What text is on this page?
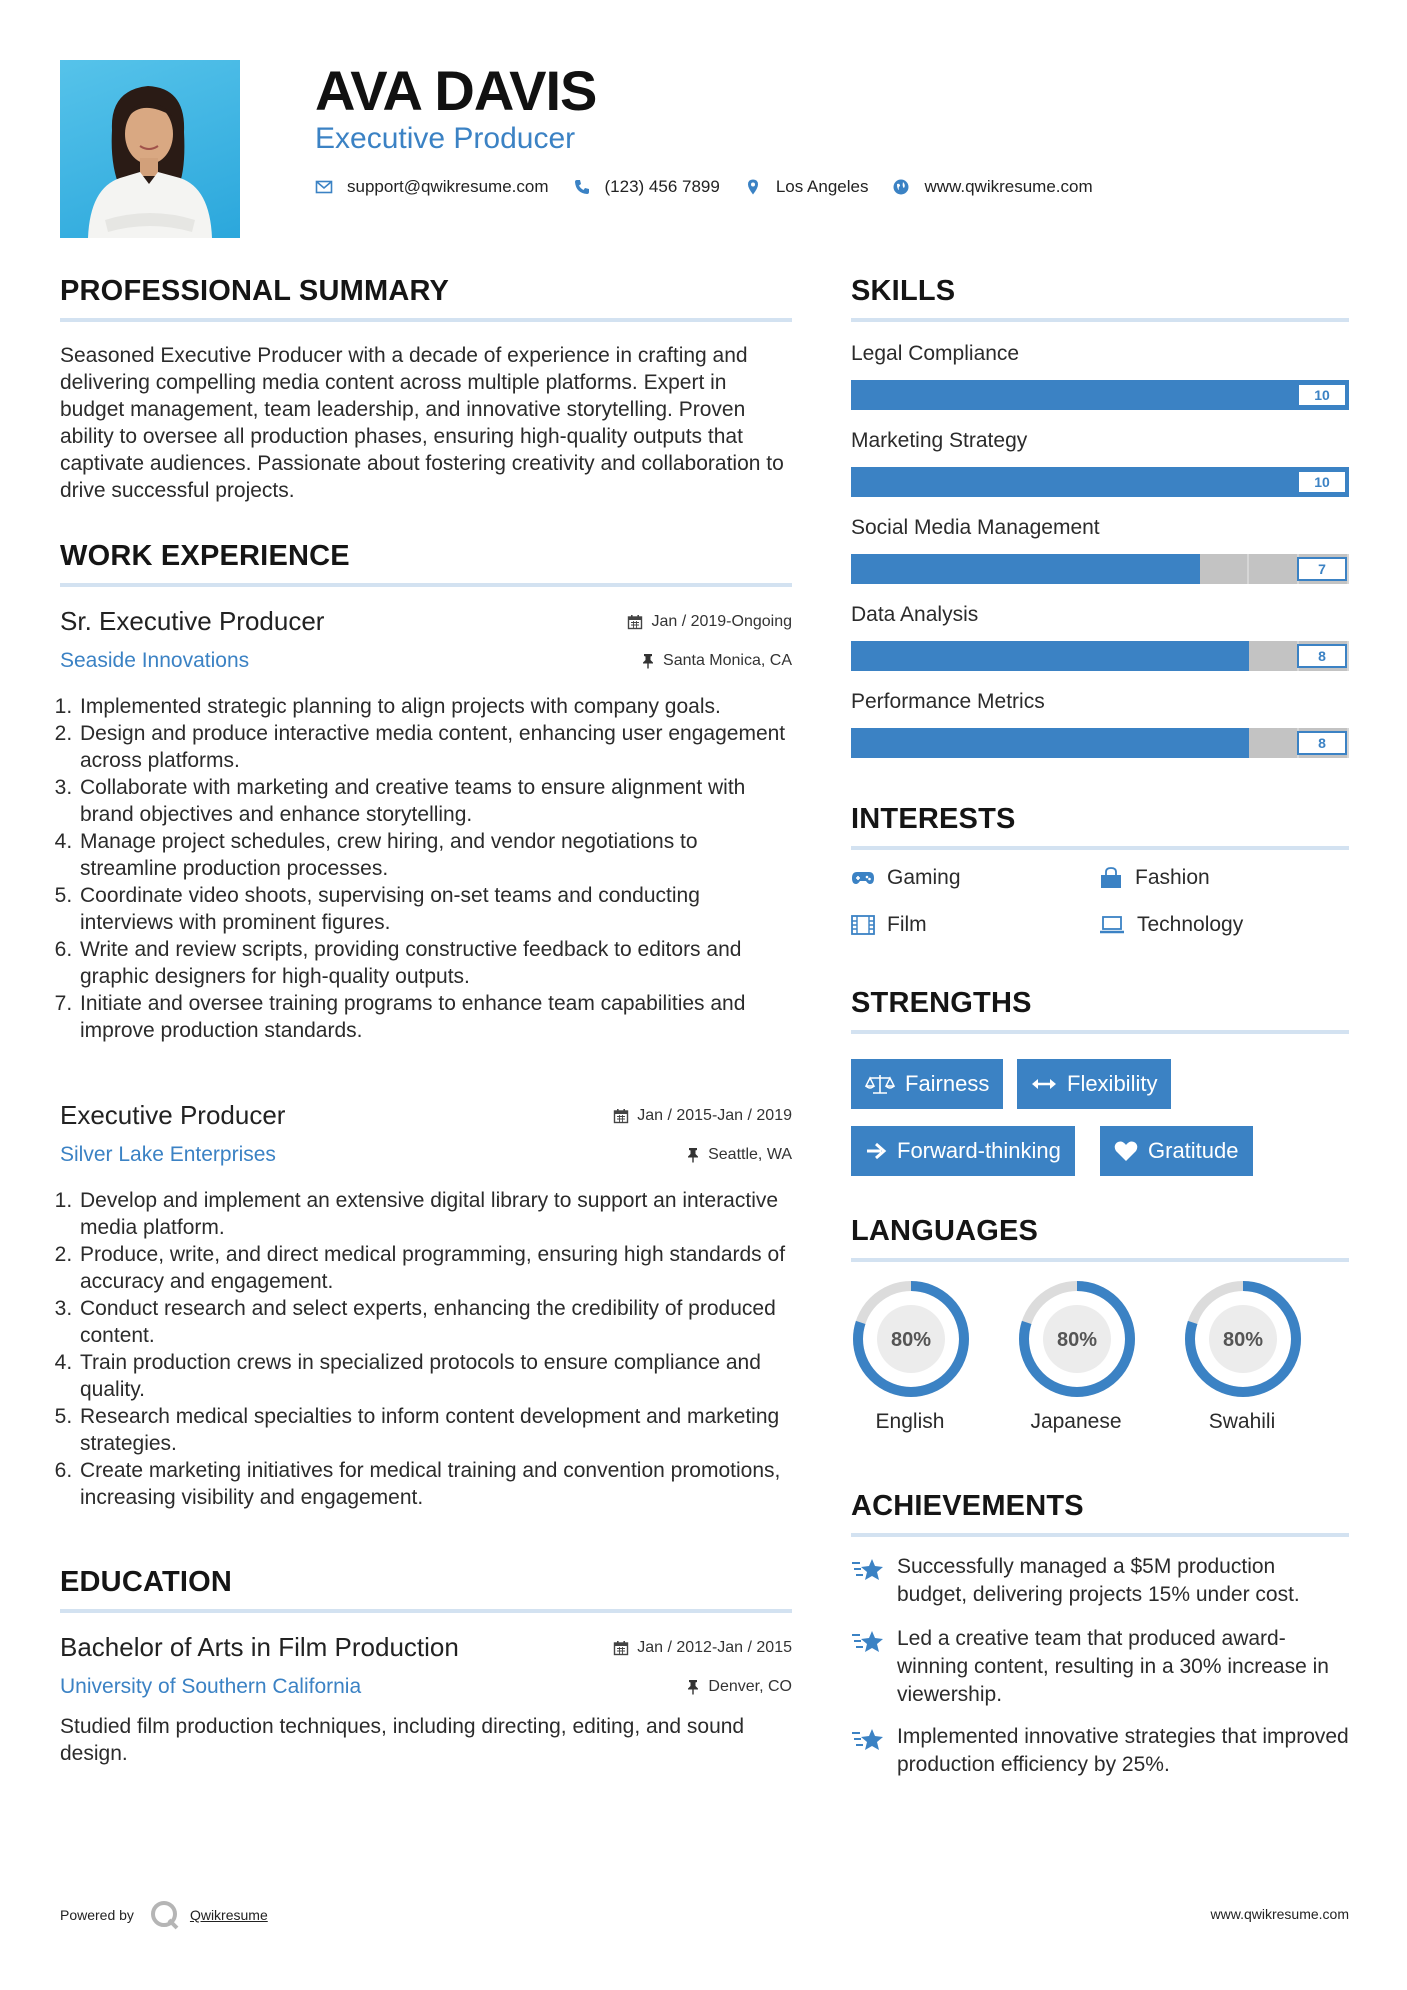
AVA DAVIS
Executive Producer
support@qwikresume.com	(123) 456 7899	Los Angeles	www.qwikresume.com
PROFESSIONAL SUMMARY
Seasoned Executive Producer with a decade of experience in crafting and delivering compelling media content across multiple platforms. Expert in budget management, team leadership, and innovative storytelling. Proven ability to oversee all production phases, ensuring high-quality outputs that captivate audiences. Passionate about fostering creativity and collaboration to drive successful projects.
WORK EXPERIENCE
Sr. Executive Producer	Jan / 2019-Ongoing
Seaside Innovations	Santa Monica, CA
1. Implemented strategic planning to align projects with company goals.
2. Design and produce interactive media content, enhancing user engagement across platforms.
3. Collaborate with marketing and creative teams to ensure alignment with brand objectives and enhance storytelling.
4. Manage project schedules, crew hiring, and vendor negotiations to streamline production processes.
5. Coordinate video shoots, supervising on-set teams and conducting interviews with prominent figures.
6. Write and review scripts, providing constructive feedback to editors and graphic designers for high-quality outputs.
7. Initiate and oversee training programs to enhance team capabilities and improve production standards.
Executive Producer	Jan / 2015-Jan / 2019
Silver Lake Enterprises	Seattle, WA
1. Develop and implement an extensive digital library to support an interactive media platform.
2. Produce, write, and direct medical programming, ensuring high standards of accuracy and engagement.
3. Conduct research and select experts, enhancing the credibility of produced content.
4. Train production crews in specialized protocols to ensure compliance and quality.
5. Research medical specialties to inform content development and marketing strategies.
6. Create marketing initiatives for medical training and convention promotions, increasing visibility and engagement.
EDUCATION
Bachelor of Arts in Film Production	Jan / 2012-Jan / 2015
University of Southern California	Denver, CO
Studied film production techniques, including directing, editing, and sound design.
SKILLS
Legal Compliance
10
Marketing Strategy
10
Social Media Management
7
Data Analysis
8
Performance Metrics
8
INTERESTS
Gaming	Fashion
Film	Technology
STRENGTHS
Fairness	Flexibility
Forward-thinking	Gratitude
LANGUAGES
80%
English
80%
Japanese
80%
Swahili
ACHIEVEMENTS
Successfully managed a $5M production budget, delivering projects 15% under cost.
Led a creative team that produced award-winning content, resulting in a 30% increase in viewership.
Implemented innovative strategies that improved production efficiency by 25%.
Powered by	Qwikresume	www.qwikresume.com
